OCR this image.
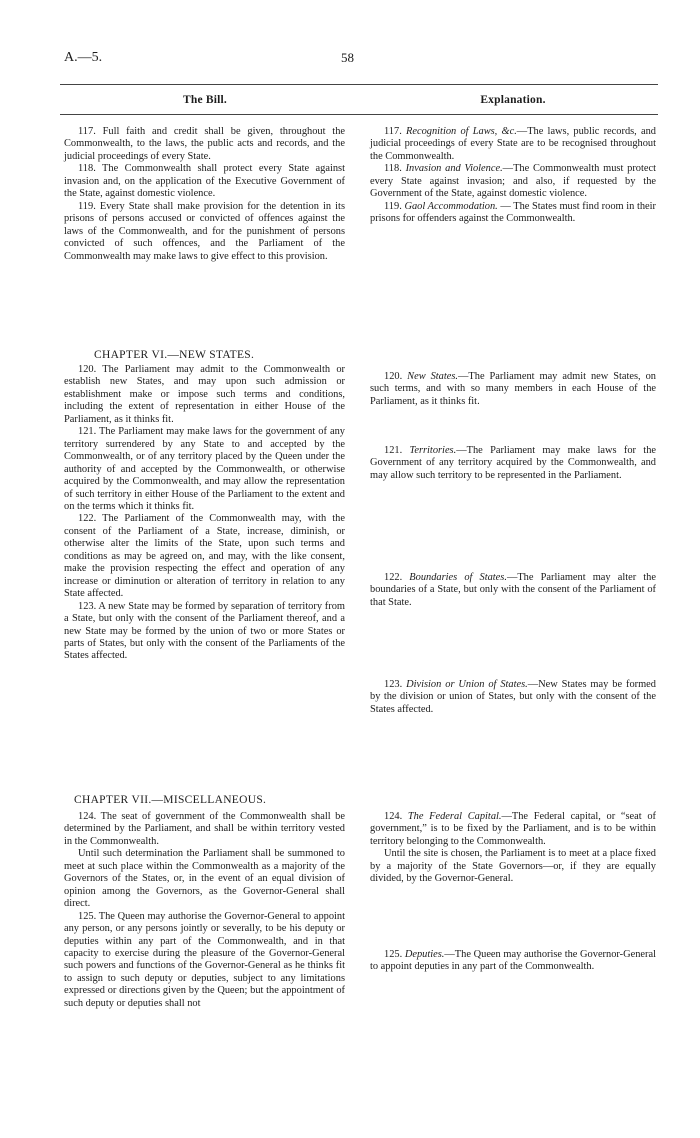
A.—5.	58
The Bill.	Explanation.

117. Full faith and credit shall be given, throughout the Commonwealth, to the laws, the public acts and records, and the judicial proceedings of every State.

118. The Commonwealth shall protect every State against invasion and, on the application of the Executive Government of the State, against domestic violence.

119. Every State shall make provision for the detention in its prisons of persons accused or convicted of offences against the laws of the Commonwealth, and for the punishment of persons convicted of such offences, and the Parliament of the Commonwealth may make laws to give effect to this provision.

CHAPTER VI.—NEW STATES.

120. The Parliament may admit to the Commonwealth or establish new States, and may upon such admission or establishment make or impose such terms and conditions, including the extent of representation in either House of the Parliament, as it thinks fit.

121. The Parliament may make laws for the government of any territory surrendered by any State to and accepted by the Commonwealth, or of any territory placed by the Queen under the authority of and accepted by the Commonwealth, or otherwise acquired by the Commonwealth, and may allow the representation of such territory in either House of the Parliament to the extent and on the terms which it thinks fit.

122. The Parliament of the Commonwealth may, with the consent of the Parliament of a State, increase, diminish, or otherwise alter the limits of the State, upon such terms and conditions as may be agreed on, and may, with the like consent, make the provision respecting the effect and operation of any increase or diminution or alteration of territory in relation to any State affected.

123. A new State may be formed by separation of territory from a State, but only with the consent of the Parliament thereof, and a new State may be formed by the union of two or more States or parts of States, but only with the consent of the Parliaments of the States affected.

CHAPTER VII.—MISCELLANEOUS.

124. The seat of government of the Commonwealth shall be determined by the Parliament, and shall be within territory vested in the Commonwealth.

Until such determination the Parliament shall be summoned to meet at such place within the Commonwealth as a majority of the Governors of the States, or, in the event of an equal division of opinion among the Governors, as the Governor-General shall direct.

125. The Queen may authorise the Governor-General to appoint any person, or any persons jointly or severally, to be his deputy or deputies within any part of the Commonwealth, and in that capacity to exercise during the pleasure of the Governor-General such powers and functions of the Governor-General as he thinks fit to assign to such deputy or deputies, subject to any limitations expressed or directions given by the Queen; but the appointment of such deputy or deputies shall not

117. Recognition of Laws, &c.—The laws, public records, and judicial proceedings of every State are to be recognised throughout the Commonwealth.

118. Invasion and Violence.—The Commonwealth must protect every State against invasion; and also, if requested by the Government of the State, against domestic violence.

119. Gaol Accommodation. — The States must find room in their prisons for offenders against the Commonwealth.

120. New States.—The Parliament may admit new States, on such terms, and with so many members in each House of the Parliament, as it thinks fit.

121. Territories.—The Parliament may make laws for the Government of any territory acquired by the Commonwealth, and may allow such territory to be represented in the Parliament.

122. Boundaries of States.—The Parliament may alter the boundaries of a State, but only with the consent of the Parliament of that State.

123. Division or Union of States.—New States may be formed by the division or union of States, but only with the consent of the States affected.

124. The Federal Capital.—The Federal capital, or “seat of government,” is to be fixed by the Parliament, and is to be within territory belonging to the Commonwealth.

Until the site is chosen, the Parliament is to meet at a place fixed by a majority of the State Governors—or, if they are equally divided, by the Governor-General.

125. Deputies.—The Queen may authorise the Governor-General to appoint deputies in any part of the Commonwealth.
